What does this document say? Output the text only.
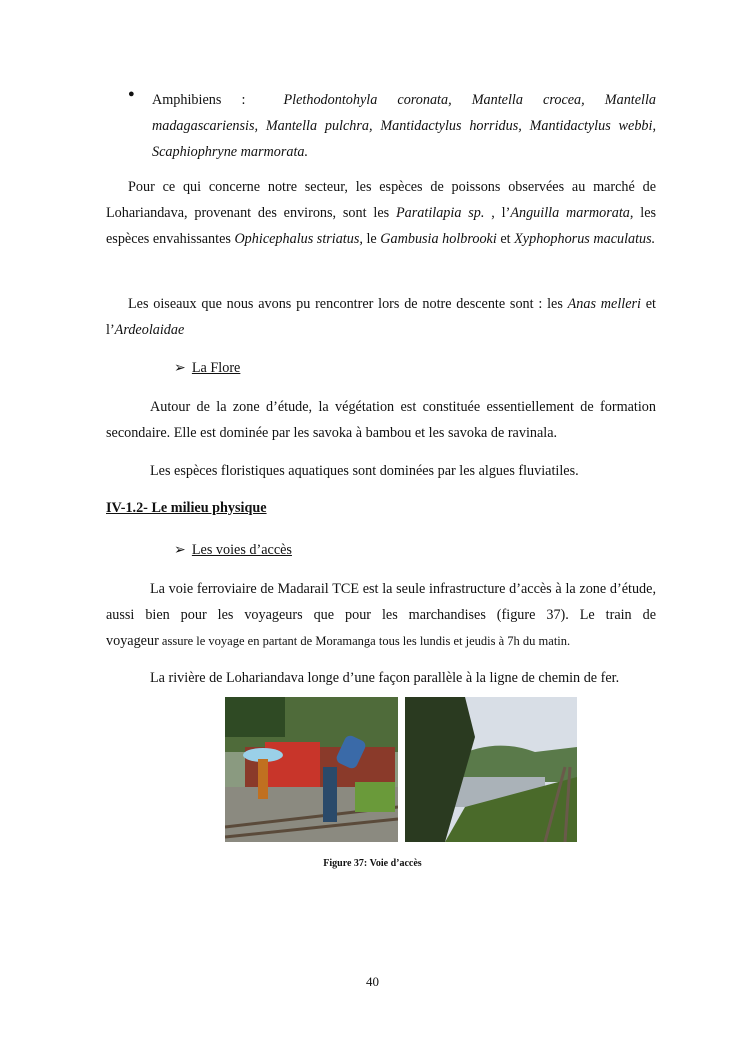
● Amphibiens :	Plethodontohyla coronata, Mantella crocea, Mantella madagascariensis, Mantella pulchra, Mantidactylus horridus, Mantidactylus webbi, Scaphiophryne marmorata.
Pour ce qui concerne notre secteur, les espèces de poissons observées au marché de Lohariandava, provenant des environs, sont les Paratilapia sp. , l’Anguilla marmorata, les espèces envahissantes Ophicephalus striatus, le Gambusia holbrooki et Xyphophorus maculatus.
Les oiseaux que nous avons pu rencontrer lors de notre descente sont : les Anas melleri et l’Ardeolaidae
➢ La Flore
Autour de la zone d’étude, la végétation est constituée essentiellement de formation secondaire. Elle est dominée par les savoka à bambou et les savoka de ravinala.
Les espèces floristiques aquatiques sont dominées par les algues fluviatiles.
IV-1.2- Le milieu physique
➢ Les voies d’accès
La voie ferroviaire de Madarail TCE est la seule infrastructure d’accès à la zone d’étude, aussi bien pour les voyageurs que pour les marchandises (figure 37). Le train de
voyageur assure le voyage en partant de Moramanga tous les lundis et jeudis à 7h du matin.
La rivière de Lohariandava longe d’une façon parallèle à la ligne de chemin de fer.
Figure 37: Voie d’accès
40
